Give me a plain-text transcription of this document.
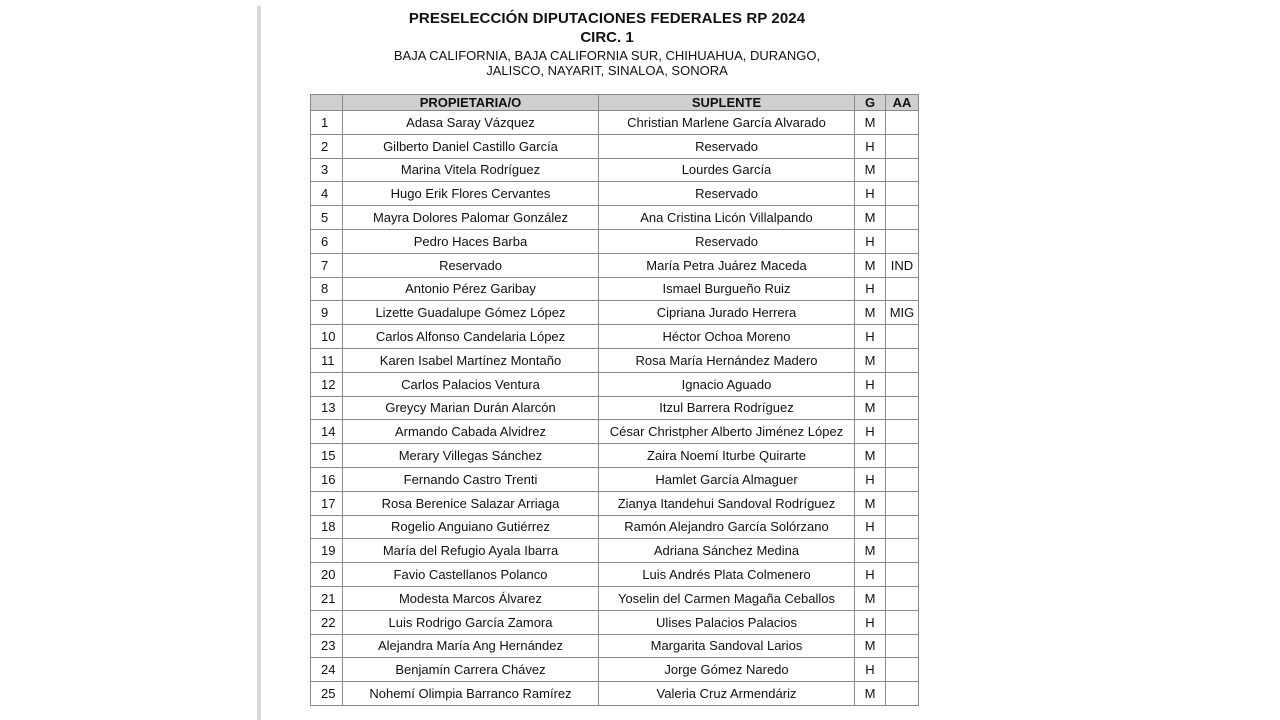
PRESELECCIÓN DIPUTACIONES FEDERALES RP 2024
CIRC. 1
BAJA CALIFORNIA, BAJA CALIFORNIA SUR, CHIHUAHUA, DURANGO,
JALISCO, NAYARIT, SINALOA, SONORA
	PROPIETARIA/O	SUPLENTE	G	AA
1	Adasa Saray Vázquez	Christian Marlene García Alvarado	M	
2	Gilberto Daniel Castillo García	Reservado	H	
3	Marina Vitela Rodríguez	Lourdes García	M	
4	Hugo Erik Flores Cervantes	Reservado	H	
5	Mayra Dolores Palomar González	Ana Cristina Licón Villalpando	M	
6	Pedro Haces Barba	Reservado	H	
7	Reservado	María Petra Juárez Maceda	M	IND
8	Antonio Pérez Garibay	Ismael Burgueño Ruiz	H	
9	Lizette Guadalupe Gómez López	Cipriana Jurado Herrera	M	MIG
10	Carlos Alfonso Candelaria López	Héctor Ochoa Moreno	H	
11	Karen Isabel Martínez Montaño	Rosa María Hernández Madero	M	
12	Carlos Palacios Ventura	Ignacio Aguado	H	
13	Greycy Marian Durán Alarcón	Itzul Barrera Rodríguez	M	
14	Armando Cabada Alvidrez	César Christpher Alberto Jiménez López	H	
15	Merary Villegas Sánchez	Zaira Noemí Iturbe Quirarte	M	
16	Fernando Castro Trenti	Hamlet García Almaguer	H	
17	Rosa Berenice Salazar Arriaga	Zianya Itandehui Sandoval Rodríguez	M	
18	Rogelio Anguiano Gutiérrez	Ramón Alejandro García Solórzano	H	
19	María del Refugio Ayala Ibarra	Adriana Sánchez Medina	M	
20	Favio Castellanos Polanco	Luis Andrés Plata Colmenero	H	
21	Modesta Marcos Álvarez	Yoselin del Carmen Magaña Ceballos	M	
22	Luis Rodrigo García Zamora	Ulises Palacios Palacios	H	
23	Alejandra María Ang Hernández	Margarita Sandoval Larios	M	
24	Benjamín Carrera Chávez	Jorge Gómez Naredo	H	
25	Nohemí Olimpia Barranco Ramírez	Valeria Cruz Armendáriz	M	
